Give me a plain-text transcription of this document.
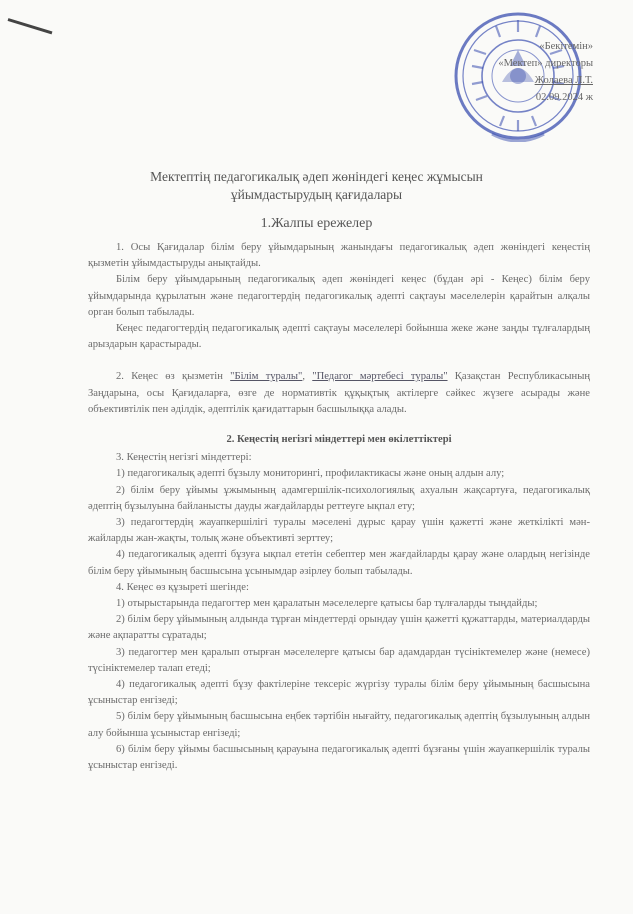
«Бекітемін»
«Мектеп» директоры
Жолаева Л.Т.
02.09.2024 ж
Мектептің педагогикалық әдеп жөніндегі кеңес жұмысын
ұйымдастырудың қағидалары
1.Жалпы ережелер

1. Осы Қағидалар білім беру ұйымдарының жанындағы педагогикалық әдеп жөніндегі кеңестің қызметін ұйымдастыруды анықтайды.

Білім беру ұйымдарының педагогикалық әдеп жөніндегі кеңес (бұдан әрі - Кеңес) білім беру ұйымдарында құрылатын және педагогтердің педагогикалық әдепті сақтауы мәселелерін қарайтын алқалы орган болып табылады.

Кеңес педагогтердің педагогикалық әдепті сақтауы мәселелері бойынша жеке және заңды тұлғалардың арыздарын қарастырады.

2. Кеңес өз қызметін "Білім туралы", "Педагог мәртебесі туралы" Қазақстан Республикасының Заңдарына, осы Қағидаларға, өзге де нормативтік құқықтық актілерге сәйкес жүзеге асырады және объективтілік пен әділдік, әдептілік қағидаттарын басшылыққа алады.

2. Кеңестің негізгі міндеттері мен өкілеттіктері

3. Кеңестің негізгі міндеттері:

1) педагогикалық әдепті бұзылу мониторингі, профилактикасы және оның алдын алу;

2) білім беру ұйымы ұжымының адамгершілік-психологиялық ахуалын жақсартуға, педагогикалық әдептің бұзылуына байланысты дауды жағдайларды реттеуге ықпал ету;

3) педагогтердің жауапкершілігі туралы мәселені дұрыс қарау үшін қажетті және жеткілікті мән-жайларды жан-жақты, толық және объективті зерттеу;

4) педагогикалық әдепті бұзуға ықпал ететін себептер мен жағдайларды қарау және олардың негізінде білім беру ұйымының басшысына ұсынымдар әзірлеу болып табылады.

4. Кеңес өз құзыреті шегінде:

1) отырыстарында педагогтер мен қаралатын мәселелерге қатысы бар тұлғаларды тыңдайды;

2) білім беру ұйымының алдында тұрған міндеттерді орындау үшін қажетті құжаттарды, материалдарды және ақпаратты сұратады;

3) педагогтер мен қаралып отырған мәселелерге қатысы бар адамдардан түсініктемелер және (немесе) түсініктемелер талап етеді;

4) педагогикалық әдепті бұзу фактілеріне тексеріс жүргізу туралы білім беру ұйымының басшысына ұсыныстар енгізеді;

5) білім беру ұйымының басшысына еңбек тәртібін нығайту, педагогикалық әдептің бұзылуының алдын алу бойынша ұсыныстар енгізеді;

6) білім беру ұйымы басшысының қарауына педагогикалық әдепті бұзғаны үшін жауапкершілік туралы ұсыныстар енгізеді.
